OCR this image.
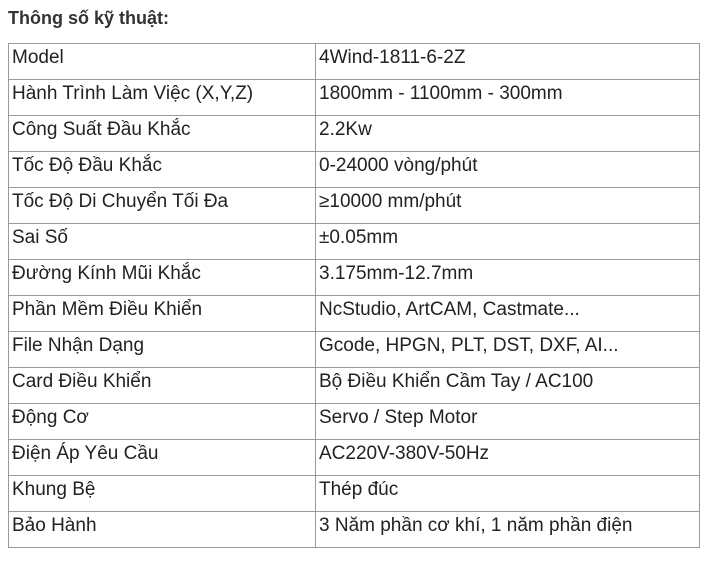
Thông số kỹ thuật:
Model	4Wind-1811-6-2Z
Hành Trình Làm Việc (X,Y,Z)	1800mm - 1100mm - 300mm
Công Suất Đầu Khắc	2.2Kw
Tốc Độ Đầu Khắc	0-24000 vòng/phút
Tốc Độ Di Chuyển Tối Đa	≥10000 mm/phút
Sai Số	±0.05mm
Đường Kính Mũi Khắc	3.175mm-12.7mm
Phần Mềm Điều Khiển	NcStudio, ArtCAM, Castmate...
File Nhận Dạng	Gcode, HPGN, PLT, DST, DXF, AI...
Card Điều Khiển	Bộ Điều Khiển Cầm Tay / AC100
Động Cơ	Servo / Step Motor
Điện Áp Yêu Cầu	AC220V-380V-50Hz
Khung Bệ	Thép đúc
Bảo Hành	3 Năm phần cơ khí, 1 năm phần điện
